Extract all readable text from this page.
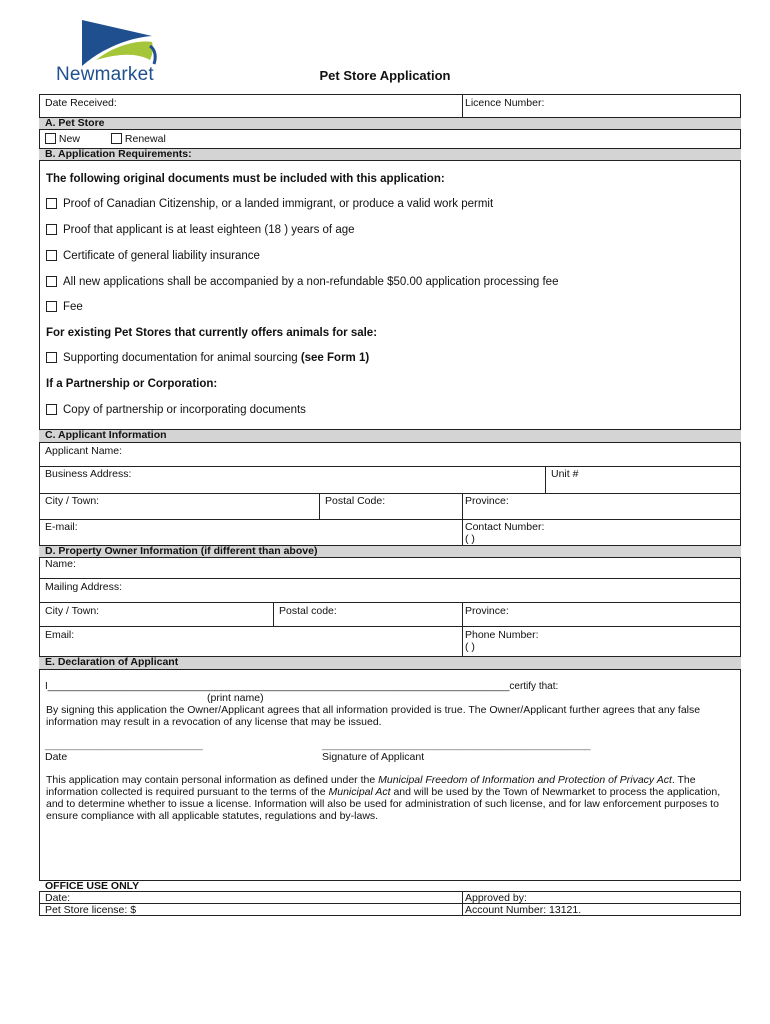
Newmarket	Pet Store Application
Date Received:	Licence Number:
A. Pet Store
New	Renewal
B. Application Requirements:
The following original documents must be included with this application:
Proof of Canadian Citizenship, or a landed immigrant, or produce a valid work permit
Proof that applicant is at least eighteen (18 ) years of age
Certificate of general liability insurance
All new applications shall be accompanied by a non-refundable $50.00 application processing fee
Fee
For existing Pet Stores that currently offers animals for sale:
Supporting documentation for animal sourcing (see Form 1)
If a Partnership or Corporation:
Copy of partnership or incorporating documents
C. Applicant Information
Applicant Name:
Business Address:	Unit #
City / Town:	Postal Code:	Province:
E-mail:	Contact Number:
( )
D. Property Owner Information (if different than above)
Name:
Mailing Address:
City / Town:	Postal code:	Province:
Email:	Phone Number:
( )
E. Declaration of Applicant
I___________________________________________________________________________________certify that:
(print name)
By signing this application the Owner/Applicant agrees that all information provided is true. The Owner/Applicant further agrees that any false information may result in a revocation of any license that may be issued.
___________________________
Date
______________________________________________
Signature of Applicant
This application may contain personal information as defined under the Municipal Freedom of Information and Protection of Privacy Act. The information collected is required pursuant to the terms of the Municipal Act and will be used by the Town of Newmarket to process the application, and to determine whether to issue a license. Information will also be used for administration of such license, and for law enforcement purposes to ensure compliance with all applicable statutes, regulations and by-laws.
OFFICE USE ONLY
Date:	Approved by:
Pet Store license: $	Account Number: 13121.
